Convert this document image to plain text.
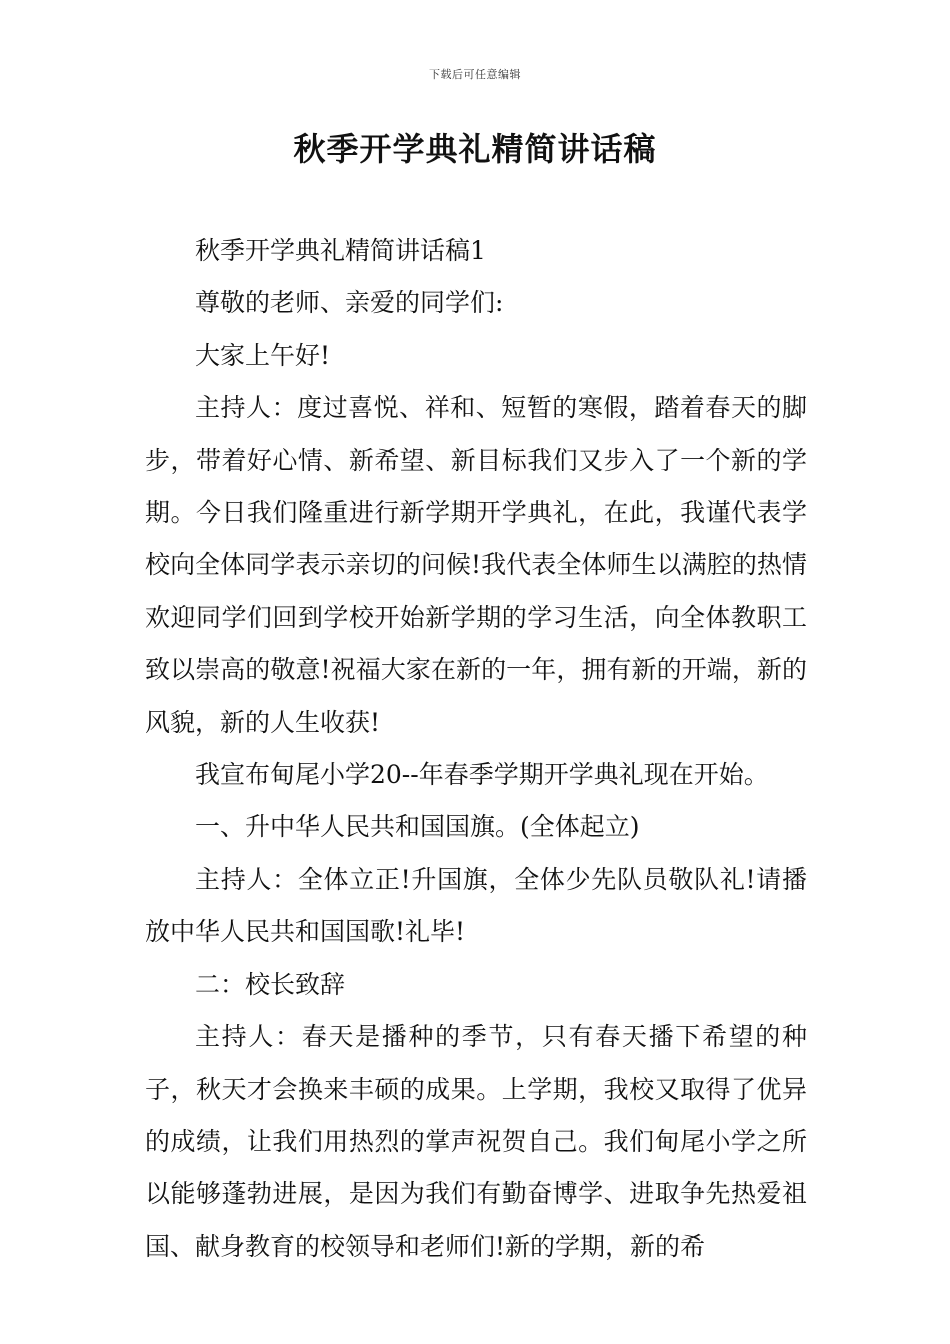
下载后可任意编辑
秋季开学典礼精简讲话稿

秋季开学典礼精简讲话稿1

尊敬的老师、亲爱的同学们:

大家上午好!

主持人：度过喜悦、祥和、短暂的寒假，踏着春天的脚步，带着好心情、新希望、新目标我们又步入了一个新的学期。今日我们隆重进行新学期开学典礼，在此，我谨代表学校向全体同学表示亲切的问候!我代表全体师生以满腔的热情欢迎同学们回到学校开始新学期的学习生活，向全体教职工致以崇高的敬意!祝福大家在新的一年，拥有新的开端，新的风貌，新的人生收获!

我宣布甸尾小学20--年春季学期开学典礼现在开始。

一、升中华人民共和国国旗。(全体起立)

主持人：全体立正!升国旗，全体少先队员敬队礼!请播放中华人民共和国国歌!礼毕!

二：校长致辞

主持人：春天是播种的季节，只有春天播下希望的种子，秋天才会换来丰硕的成果。上学期，我校又取得了优异的成绩，让我们用热烈的掌声祝贺自己。我们甸尾小学之所以能够蓬勃进展，是因为我们有勤奋博学、进取争先热爱祖国、献身教育的校领导和老师们!新的学期，新的希
